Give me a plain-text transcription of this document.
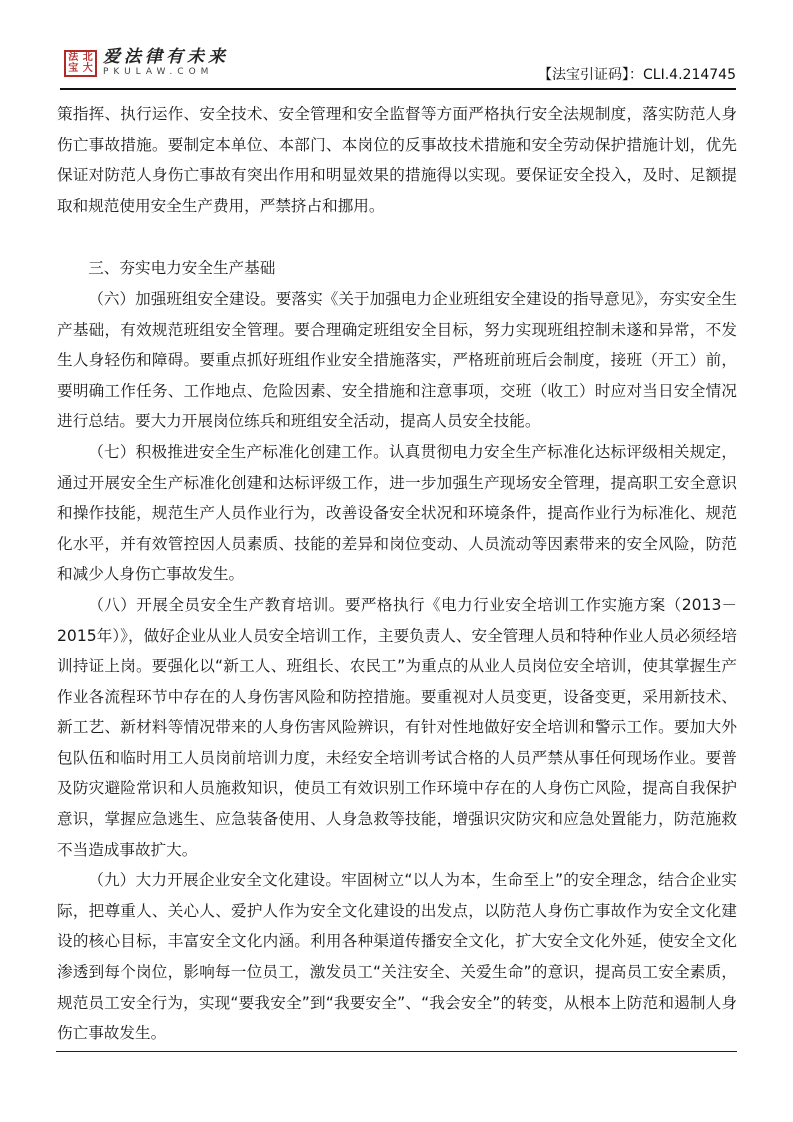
法 北
宝 大
爱法律有未来
PKULAW.COM	【法宝引证码】：CLI.4.214745

策指挥、执行运作、安全技术、安全管理和安全监督等方面严格执行安全法规制度，落实防范人身伤亡事故措施。要制定本单位、本部门、本岗位的反事故技术措施和安全劳动保护措施计划，优先保证对防范人身伤亡事故有突出作用和明显效果的措施得以实现。要保证安全投入，及时、足额提取和规范使用安全生产费用，严禁挤占和挪用。

三、夯实电力安全生产基础

（六）加强班组安全建设。要落实《关于加强电力企业班组安全建设的指导意见》，夯实安全生产基础，有效规范班组安全管理。要合理确定班组安全目标，努力实现班组控制未遂和异常，不发生人身轻伤和障碍。要重点抓好班组作业安全措施落实，严格班前班后会制度，接班（开工）前，要明确工作任务、工作地点、危险因素、安全措施和注意事项，交班（收工）时应对当日安全情况进行总结。要大力开展岗位练兵和班组安全活动，提高人员安全技能。

（七）积极推进安全生产标准化创建工作。认真贯彻电力安全生产标准化达标评级相关规定，通过开展安全生产标准化创建和达标评级工作，进一步加强生产现场安全管理，提高职工安全意识和操作技能，规范生产人员作业行为，改善设备安全状况和环境条件，提高作业行为标准化、规范化水平，并有效管控因人员素质、技能的差异和岗位变动、人员流动等因素带来的安全风险，防范和减少人身伤亡事故发生。

（八）开展全员安全生产教育培训。要严格执行《电力行业安全培训工作实施方案（2013－2015年）》，做好企业从业人员安全培训工作，主要负责人、安全管理人员和特种作业人员必须经培训持证上岗。要强化以“新工人、班组长、农民工”为重点的从业人员岗位安全培训，使其掌握生产作业各流程环节中存在的人身伤害风险和防控措施。要重视对人员变更，设备变更，采用新技术、新工艺、新材料等情况带来的人身伤害风险辨识，有针对性地做好安全培训和警示工作。要加大外包队伍和临时用工人员岗前培训力度，未经安全培训考试合格的人员严禁从事任何现场作业。要普及防灾避险常识和人员施救知识，使员工有效识别工作环境中存在的人身伤亡风险，提高自我保护意识，掌握应急逃生、应急装备使用、人身急救等技能，增强识灾防灾和应急处置能力，防范施救不当造成事故扩大。

（九）大力开展企业安全文化建设。牢固树立“以人为本，生命至上”的安全理念，结合企业实际，把尊重人、关心人、爱护人作为安全文化建设的出发点，以防范人身伤亡事故作为安全文化建设的核心目标，丰富安全文化内涵。利用各种渠道传播安全文化，扩大安全文化外延，使安全文化渗透到每个岗位，影响每一位员工，激发员工“关注安全、关爱生命”的意识，提高员工安全素质，规范员工安全行为，实现“要我安全”到“我要安全”、“我会安全”的转变，从根本上防范和遏制人身伤亡事故发生。
